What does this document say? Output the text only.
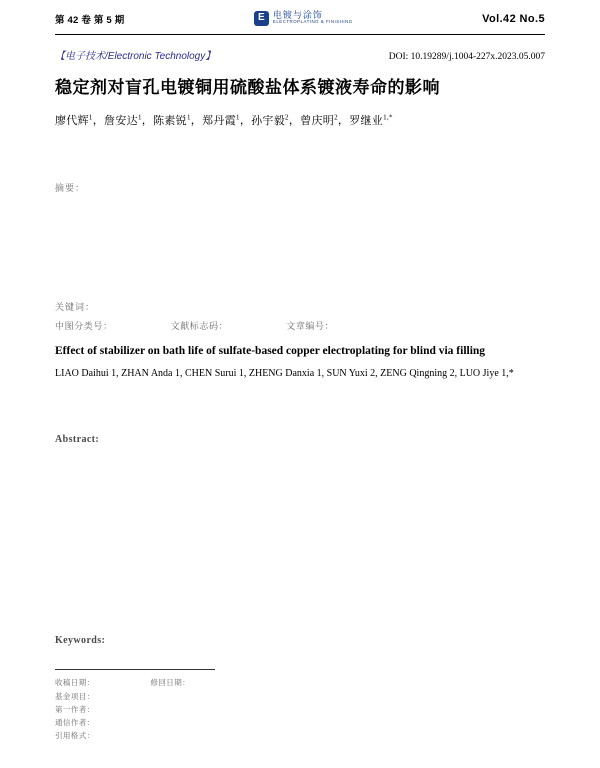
第 42 卷 第 5 期	E 电镀与涂饰
ELECTROPLATING & FINISHING	Vol.42 No.5
【电子技术/Electronic Technology】	DOI: 10.19289/j.1004-227x.2023.05.007
稳定剂对盲孔电镀铜用硫酸盐体系镀液寿命的影响
廖代辉$^1$，詹安达$^1$，陈素锐$^1$，郑丹霞$^1$，孙宇毅$^2$，曾庆明$^2$，罗继业$^{1,*}$
摘要：
关键词：
中图分类号：	文献标志码：	文章编号：
Effect of stabilizer on bath life of sulfate-based copper electroplating for blind via filling
LIAO Daihui 1, ZHAN Anda 1, CHEN Surui 1, ZHENG Danxia 1, SUN Yuxi 2, ZENG Qingning 2, LUO Jiye 1,*
Abstract:
Keywords:
收稿日期：	修回日期：
基金项目：
第一作者：
通信作者：
引用格式：
